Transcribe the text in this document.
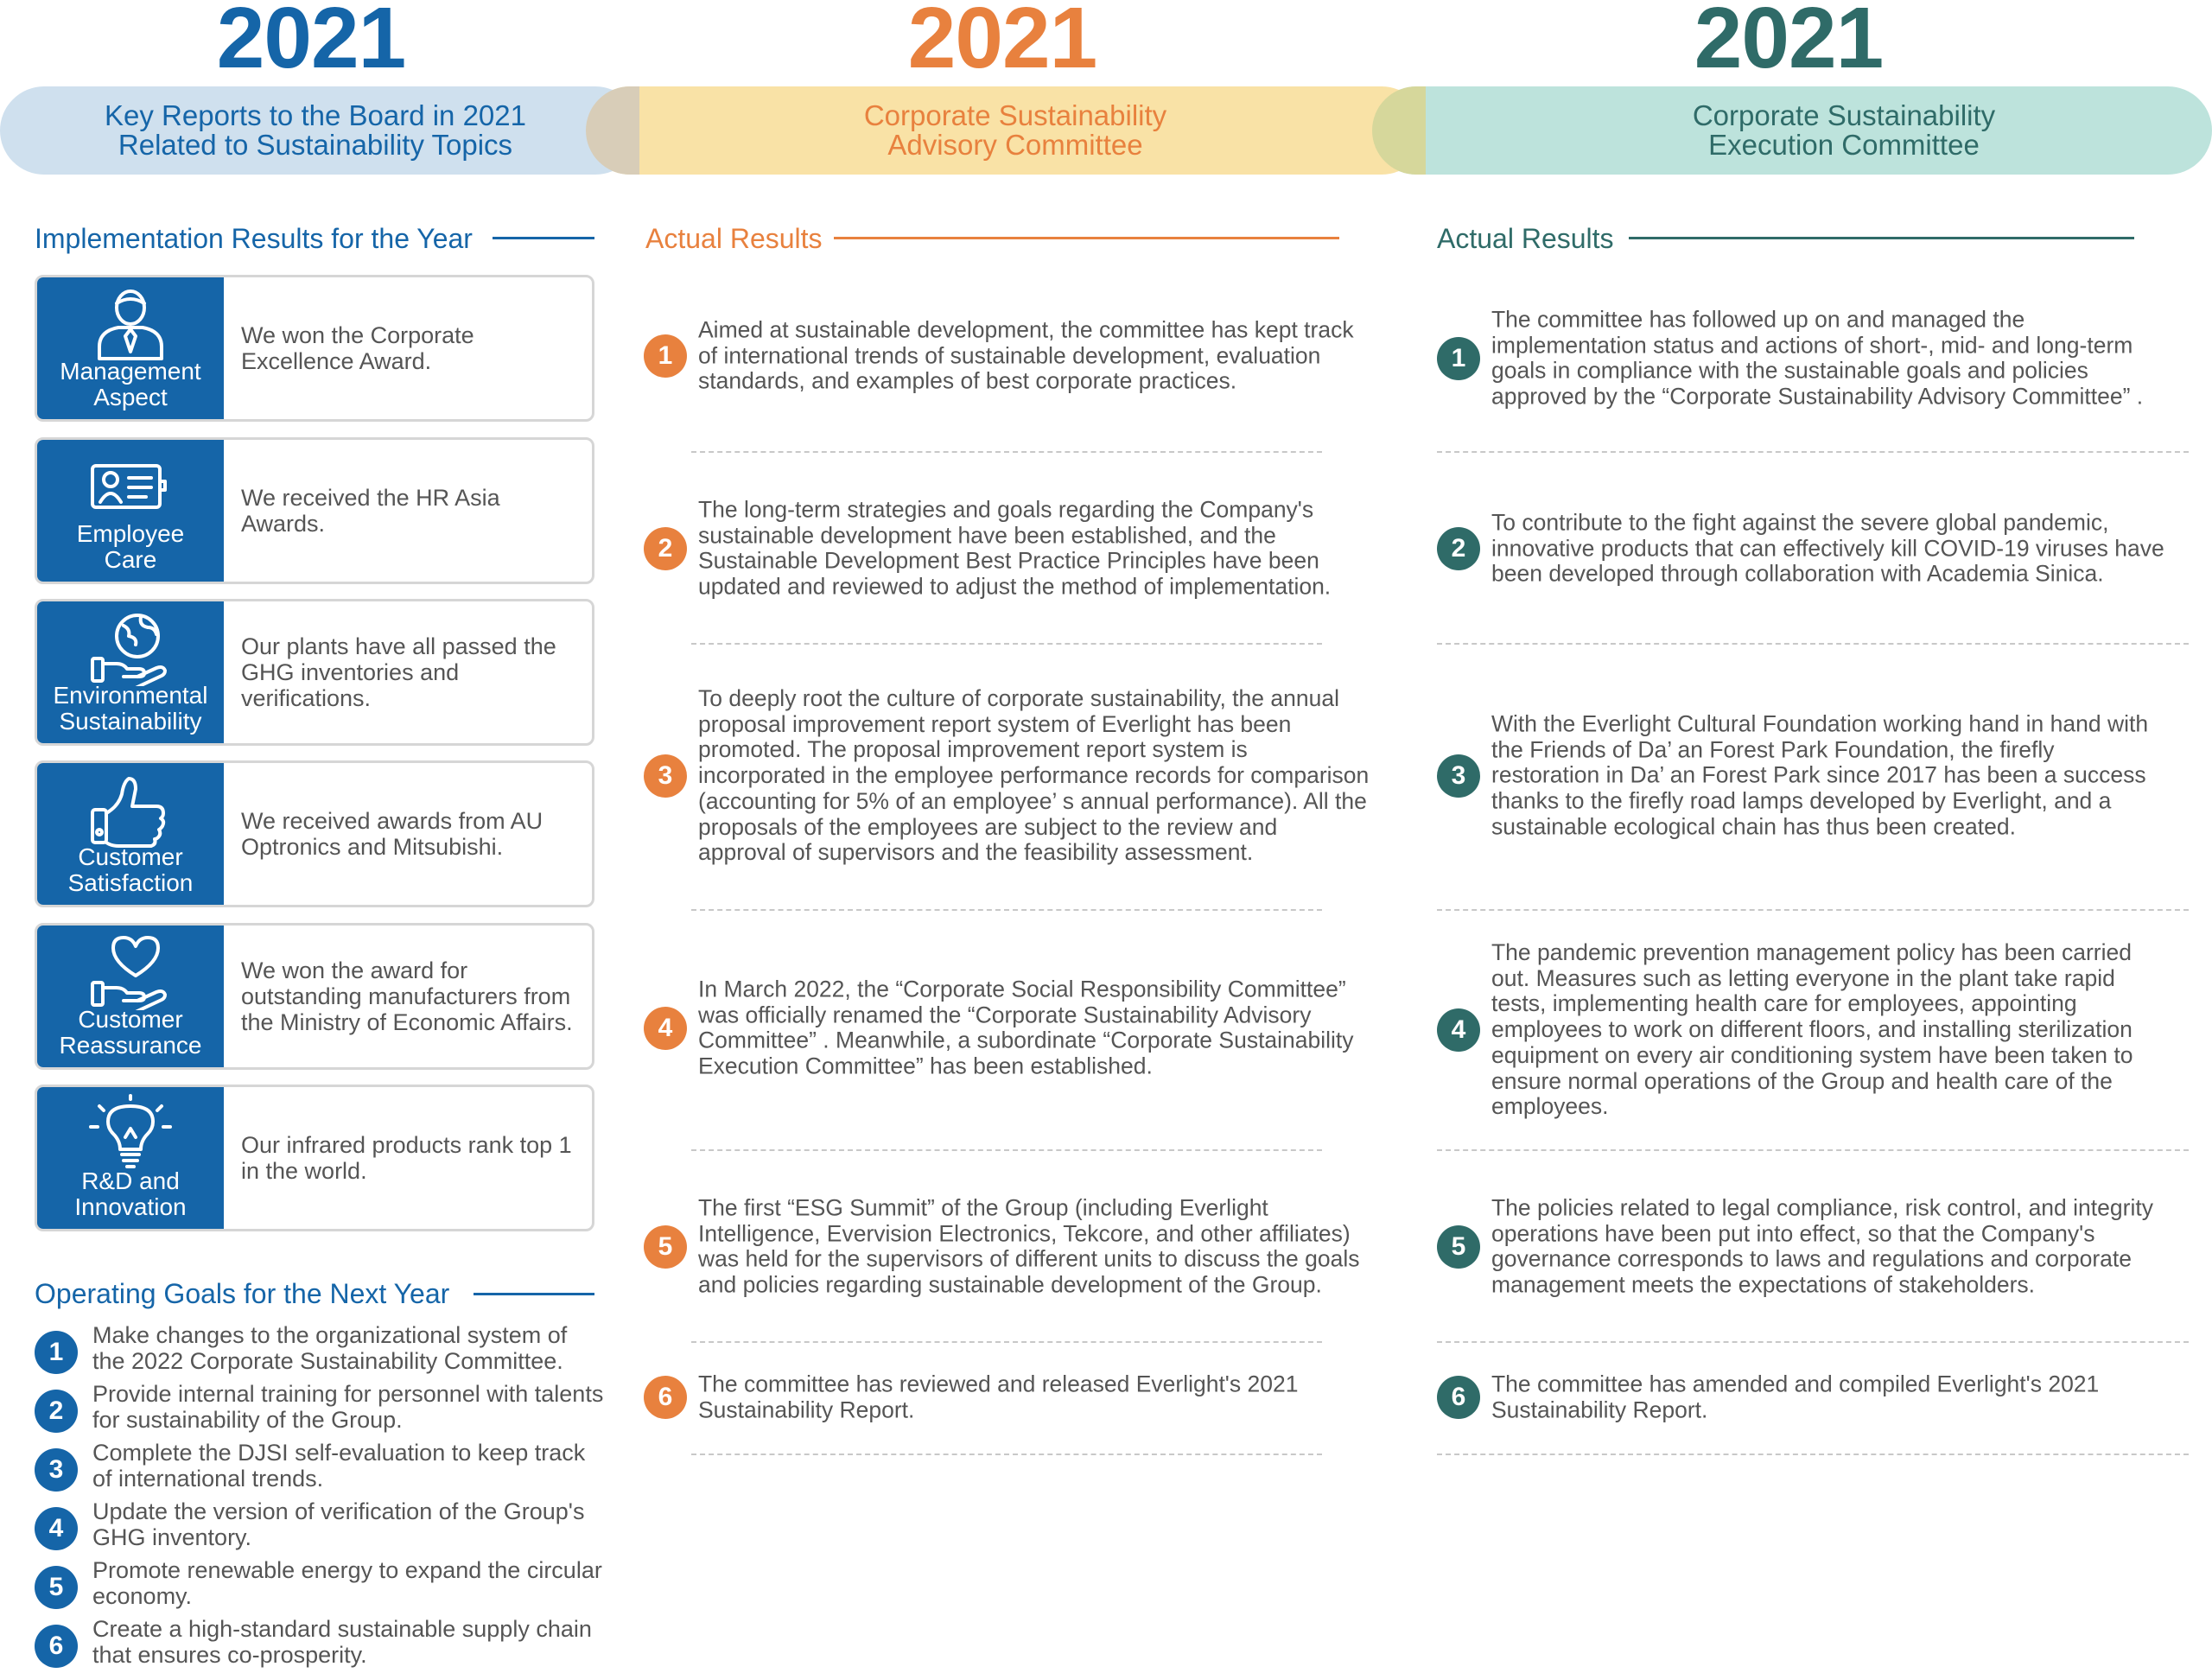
2021	2021	2021
Corporate Sustainability
Execution Committee
Corporate Sustainability
Advisory Committee
Key Reports to the Board in 2021
Related to Sustainability Topics
Implementation Results for the Year
Management
Aspect
We won the Corporate Excellence Award.
Employee
Care
We received the HR Asia Awards.
Environmental
Sustainability
Our plants have all passed the GHG inventories and verifications.
Customer
Satisfaction
We received awards from AU Optronics and Mitsubishi.
Customer
Reassurance
We won the award for outstanding manufacturers from the Ministry of Economic Affairs.
R&D and
Innovation
Our infrared products rank top 1 in the world.
Operating Goals for the Next Year
1
Make changes to the organizational system of the 2022 Corporate Sustainability Committee.
2
Provide internal training for personnel with talents for sustainability of the Group.
3
Complete the DJSI self-evaluation to keep track of international trends.
4
Update the version of verification of the Group's GHG inventory.
5
Promote renewable energy to expand the circular economy.
6
Create a high-standard sustainable supply chain that ensures co-prosperity.
Actual Results
1
Aimed at sustainable development, the committee has kept track of international trends of sustainable development, evaluation standards, and examples of best corporate practices.
2
The long-term strategies and goals regarding the Company's sustainable development have been established, and the Sustainable Development Best Practice Principles have been updated and reviewed to adjust the method of implementation.
3
To deeply root the culture of corporate sustainability, the annual proposal improvement report system of Everlight has been promoted. The proposal improvement report system is incorporated in the employee performance records for comparison (accounting for 5% of an employee’ s annual performance). All the proposals of the employees are subject to the review and approval of supervisors and the feasibility assessment.
4
In March 2022, the “Corporate Social Responsibility Committee” was officially renamed the “Corporate Sustainability Advisory Committee” . Meanwhile, a subordinate “Corporate Sustainability Execution Committee” has been established.
5
The first “ESG Summit” of the Group (including Everlight Intelligence, Evervision Electronics, Tekcore, and other affiliates) was held for the supervisors of different units to discuss the goals and policies regarding sustainable development of the Group.
6	The committee has reviewed and released Everlight's 2021 Sustainability Report.
Actual Results
1
The committee has followed up on and managed the implementation status and actions of short-, mid- and long-term goals in compliance with the sustainable goals and policies approved by the “Corporate Sustainability Advisory Committee” .
2
To contribute to the fight against the severe global pandemic, innovative products that can effectively kill COVID-19 viruses have been developed through collaboration with Academia Sinica.
3
With the Everlight Cultural Foundation working hand in hand with the Friends of Da’ an Forest Park Foundation, the firefly restoration in Da’ an Forest Park since 2017 has been a success thanks to the firefly road lamps developed by Everlight, and a sustainable ecological chain has thus been created.
4
The pandemic prevention management policy has been carried out. Measures such as letting everyone in the plant take rapid tests, implementing health care for employees, appointing employees to work on different floors, and installing sterilization equipment on every air conditioning system have been taken to ensure normal operations of the Group and health care of the employees.
5
The policies related to legal compliance, risk control, and integrity operations have been put into effect, so that the Company's governance corresponds to laws and regulations and corporate management meets the expectations of stakeholders.
6	The committee has amended and compiled Everlight's 2021 Sustainability Report.
